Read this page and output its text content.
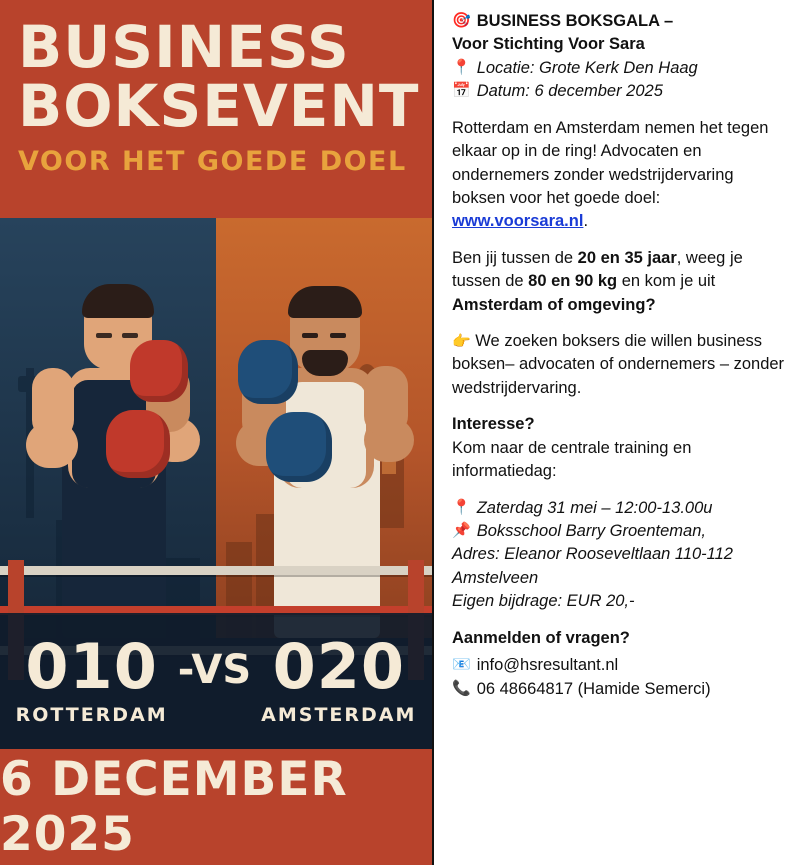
BUSINESS
BOKSEVENT
VOOR HET GOEDE DOEL
010
ROTTERDAM
-VS 020
AMSTERDAM
6 DECEMBER 2025
🎯 BUSINESS BOKSGALA –
Voor Stichting Voor Sara
📍 Locatie: Grote Kerk Den Haag
📅 Datum: 6 december 2025
Rotterdam en Amsterdam nemen het tegen elkaar op in de ring! Advocaten en ondernemers zonder wedstrijdervaring boksen voor het goede doel: www.voorsara.nl.
Ben jij tussen de 20 en 35 jaar, weeg je tussen de 80 en 90 kg en kom je uit Amsterdam of omgeving?
👉 We zoeken boksers die willen business boksen– advocaten of ondernemers – zonder wedstrijdervaring.
Interesse?
Kom naar de centrale training en informatiedag:
📍 Zaterdag 31 mei – 12:00-13.00u
📌 Boksschool Barry Groenteman,
Adres: Eleanor Rooseveltlaan 110-112 Amstelveen
Eigen bijdrage: EUR 20,-
Aanmelden of vragen?
📧 info@hsresultant.nl
📞 06 48664817 (Hamide Semerci)
